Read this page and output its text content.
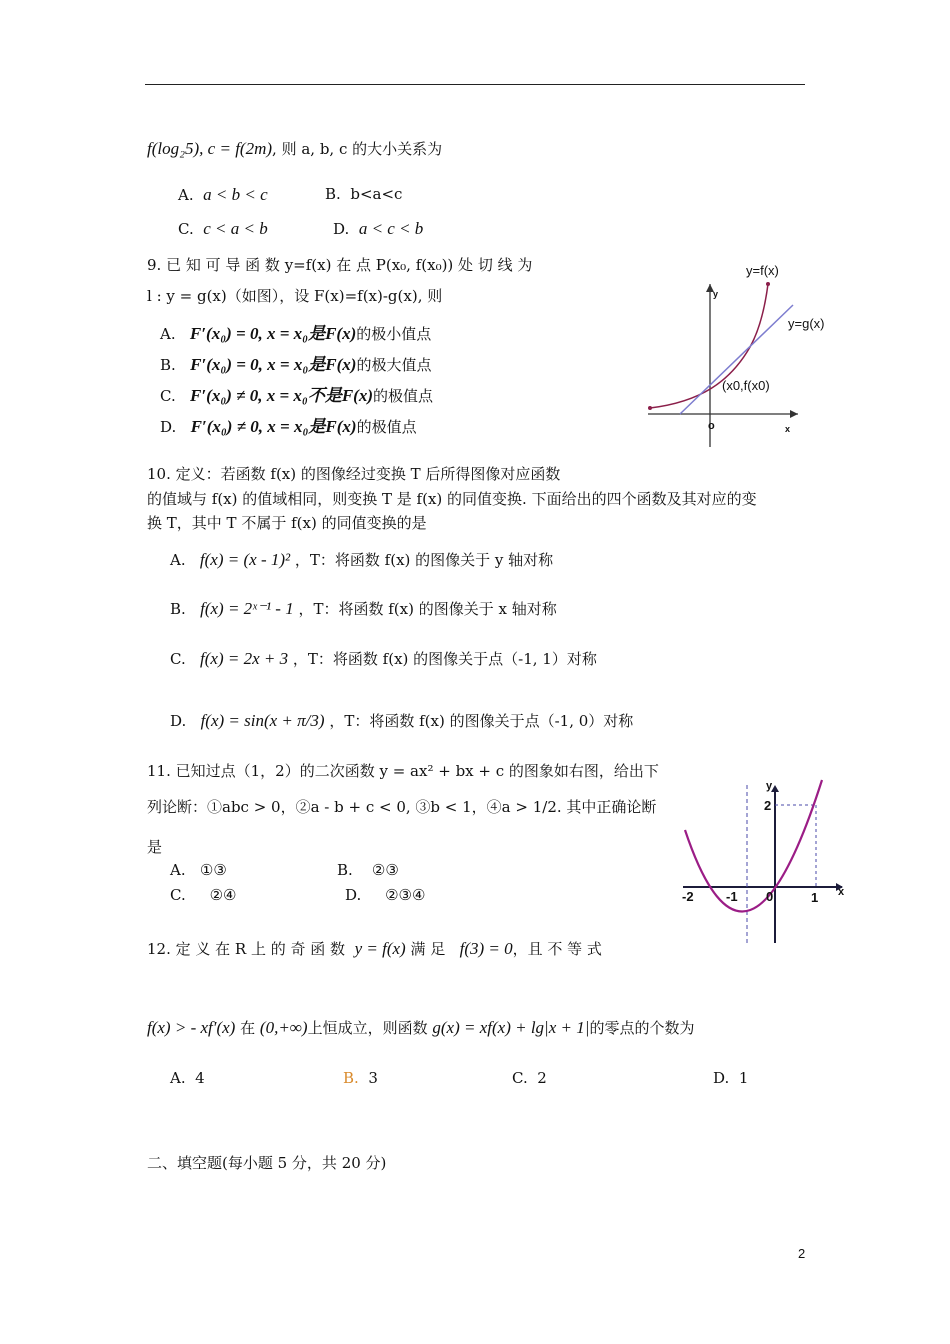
f(log₂5), c = f(2m), 则 a, b, c 的大小关系为
A. a < b < c	B. b<a<c
C. c < a < b	D. a < c < b
9. 已 知 可 导 函 数 y=f(x) 在 点 P(x₀, f(x₀)) 处 切 线 为
l : y = g(x)（如图），设 F(x)=f(x)-g(x), 则
A. F′(x₀) = 0, x = x₀是F(x)的极小值点
B. F′(x₀) = 0, x = x₀是F(x)的极大值点
C. F′(x₀) ≠ 0, x = x₀不是F(x)的极值点
D. F′(x₀) ≠ 0, x = x₀是F(x)的极值点
y=f(x)
y=g(x)
(x0,f(x0)
y
x
o
10. 定义：若函数 f(x) 的图像经过变换 T 后所得图像对应函数
的值域与 f(x) 的值域相同，则变换 T 是 f(x) 的同值变换. 下面给出的四个函数及其对应的变
换 T，其中 T 不属于 f(x) 的同值变换的是
A. f(x) = (x - 1)² ，T：将函数 f(x) 的图像关于 y 轴对称
B. f(x) = 2ˣ⁻¹ - 1 ，T：将函数 f(x) 的图像关于 x 轴对称
C. f(x) = 2x + 3 ，T：将函数 f(x) 的图像关于点（-1, 1）对称
D. f(x) = sin(x + π/3) ，T：将函数 f(x) 的图像关于点（-1, 0）对称
11. 已知过点（1，2）的二次函数 y = ax² + bx + c 的图象如右图，给出下
列论断：①abc > 0，②a - b + c < 0, ③b < 1，④a > 1/2. 其中正确论断
是
A. ①③	B. ②③
C. ②④	D. ②③④
y
x
2
-2 -1 0	1
12. 定 义 在 R 上 的 奇 函 数 y = f(x) 满 足 f(3) = 0，且 不 等 式
f(x) > - xf′(x) 在 (0,+∞)上恒成立，则函数 g(x) = xf(x) + lg|x + 1|的零点的个数为
A. 4	B. 3	C. 2	D. 1
二、填空题(每小题 5 分，共 20 分)
2
